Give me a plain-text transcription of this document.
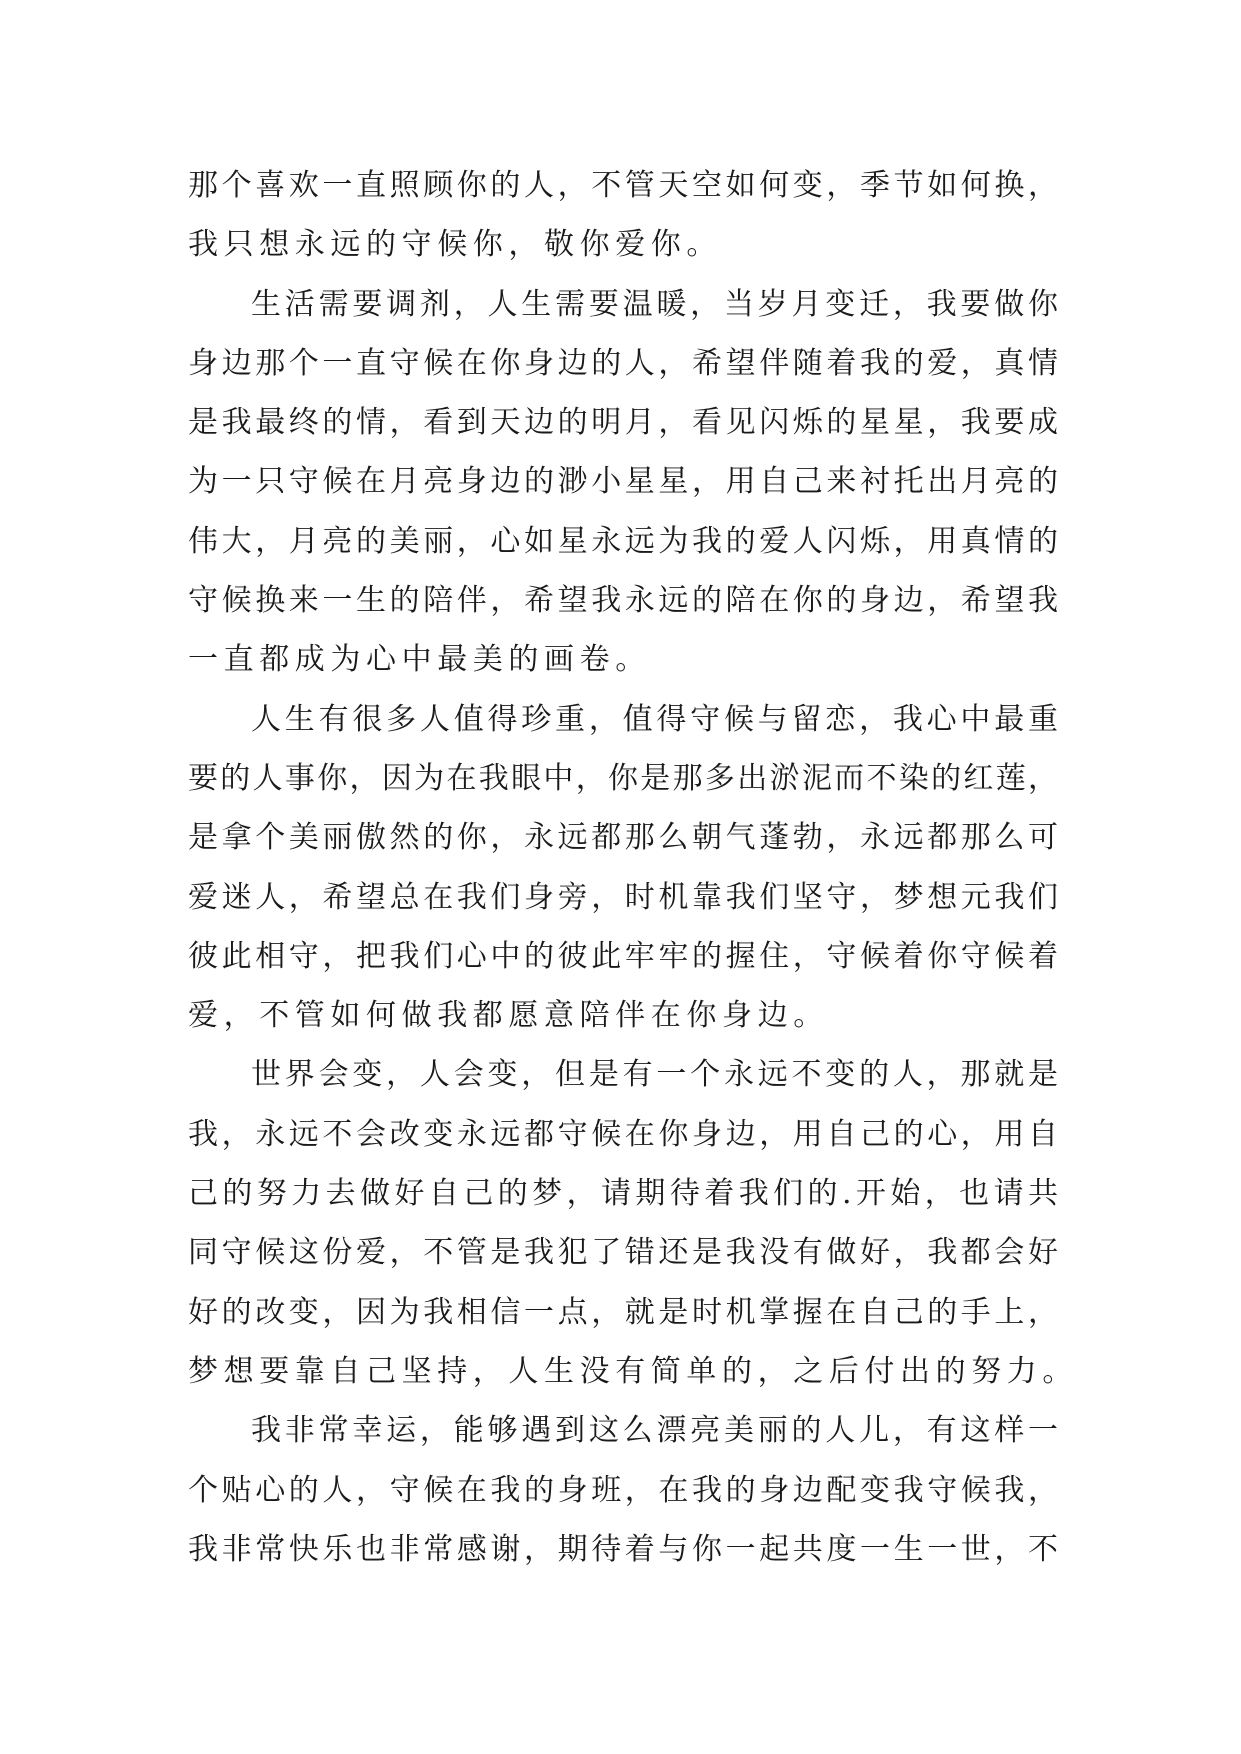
那个喜欢一直照顾你的人，不管天空如何变，季节如何换，
我只想永远的守候你，敬你爱你。
生活需要调剂，人生需要温暖，当岁月变迁，我要做你
身边那个一直守候在你身边的人，希望伴随着我的爱，真情
是我最终的情，看到天边的明月，看见闪烁的星星，我要成
为一只守候在月亮身边的渺小星星，用自己来衬托出月亮的
伟大，月亮的美丽，心如星永远为我的爱人闪烁，用真情的
守候换来一生的陪伴，希望我永远的陪在你的身边，希望我
一直都成为心中最美的画卷。
人生有很多人值得珍重，值得守候与留恋，我心中最重
要的人事你，因为在我眼中，你是那多出淤泥而不染的红莲，
是拿个美丽傲然的你，永远都那么朝气蓬勃，永远都那么可
爱迷人，希望总在我们身旁，时机靠我们坚守，梦想元我们
彼此相守，把我们心中的彼此牢牢的握住，守候着你守候着
爱，不管如何做我都愿意陪伴在你身边。
世界会变，人会变，但是有一个永远不变的人，那就是
我，永远不会改变永远都守候在你身边，用自己的心，用自
己的努力去做好自己的梦，请期待着我们的.开始，也请共
同守候这份爱，不管是我犯了错还是我没有做好，我都会好
好的改变，因为我相信一点，就是时机掌握在自己的手上，
梦想要靠自己坚持，人生没有简单的，之后付出的努力。
我非常幸运，能够遇到这么漂亮美丽的人儿，有这样一
个贴心的人，守候在我的身班，在我的身边配变我守候我，
我非常快乐也非常感谢，期待着与你一起共度一生一世，不
